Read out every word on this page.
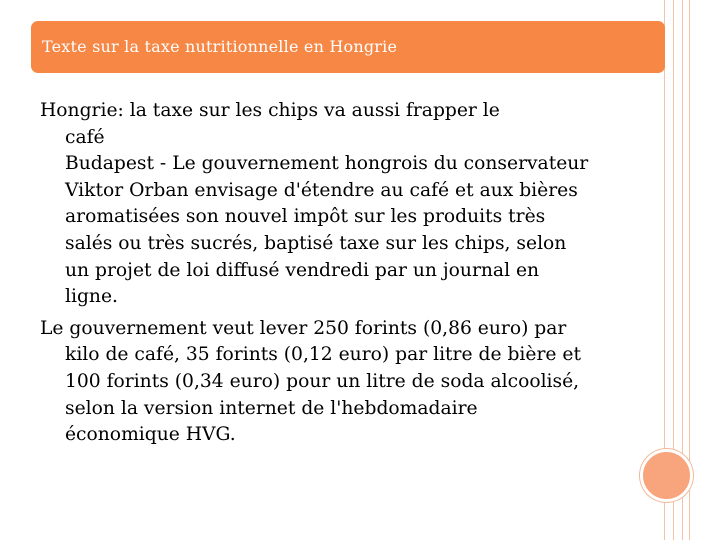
Texte sur la taxe nutritionnelle en Hongrie

Hongrie: la taxe sur les chips va aussi frapper le
café
Budapest - Le gouvernement hongrois du conservateur
Viktor Orban envisage d'étendre au café et aux bières
aromatisées son nouvel impôt sur les produits très
salés ou très sucrés, baptisé taxe sur les chips, selon
un projet de loi diffusé vendredi par un journal en
ligne.

Le gouvernement veut lever 250 forints (0,86 euro) par
kilo de café, 35 forints (0,12 euro) par litre de bière et
100 forints (0,34 euro) pour un litre de soda alcoolisé,
selon la version internet de l'hebdomadaire
économique HVG.
